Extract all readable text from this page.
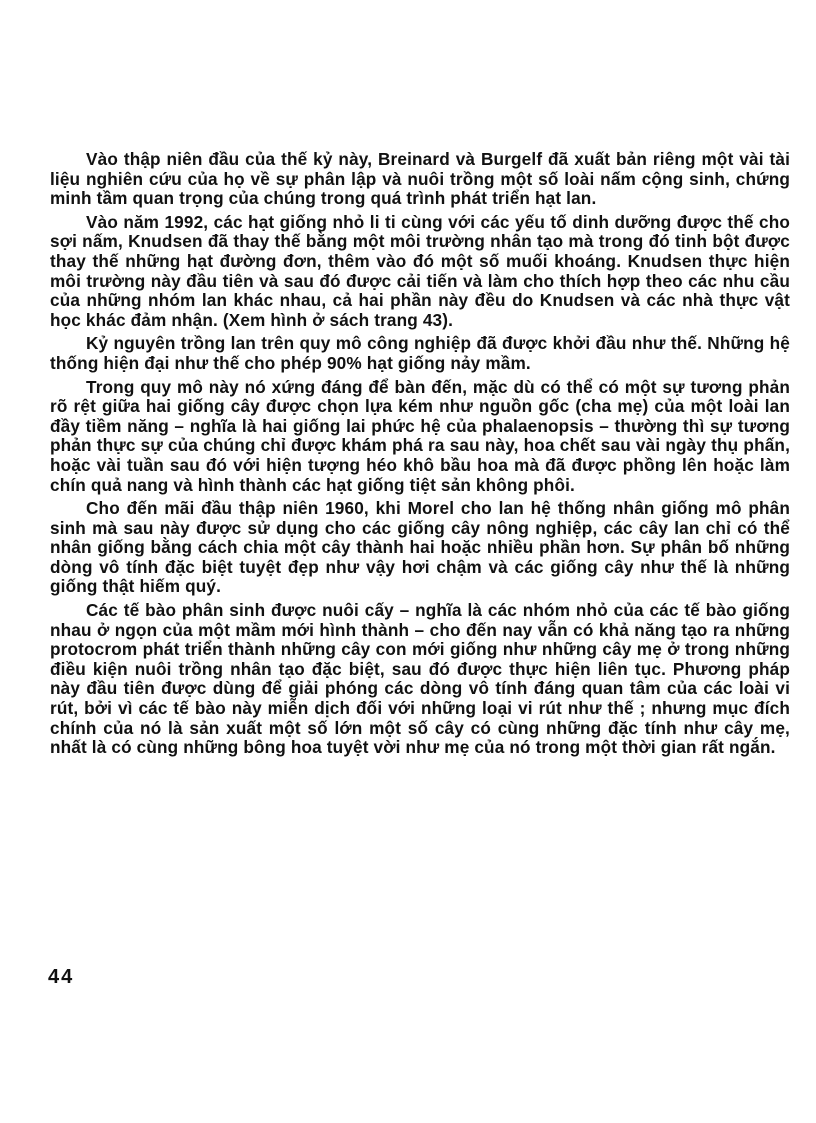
Vào thập niên đầu của thế kỷ này, Breinard và Burgelf đã xuất bản riêng một vài tài liệu nghiên cứu của họ về sự phân lập và nuôi trồng một số loài nấm cộng sinh, chứng minh tầm quan trọng của chúng trong quá trình phát triển hạt lan.

Vào năm 1992, các hạt giống nhỏ li ti cùng với các yếu tố dinh dưỡng được thế cho sợi nấm, Knudsen đã thay thế bằng một môi trường nhân tạo mà trong đó tinh bột được thay thế những hạt đường đơn, thêm vào đó một số muối khoáng. Knudsen thực hiện môi trường này đầu tiên và sau đó được cải tiến và làm cho thích hợp theo các nhu cầu của những nhóm lan khác nhau, cả hai phần này đều do Knudsen và các nhà thực vật học khác đảm nhận. (Xem hình ở sách trang 43).

Kỷ nguyên trồng lan trên quy mô công nghiệp đã được khởi đầu như thế. Những hệ thống hiện đại như thế cho phép 90% hạt giống nảy mầm.

Trong quy mô này nó xứng đáng để bàn đến, mặc dù có thể có một sự tương phản rõ rệt giữa hai giống cây được chọn lựa kém như nguồn gốc (cha mẹ) của một loài lan đầy tiềm năng – nghĩa là hai giống lai phức hệ của phalaenopsis – thường thì sự tương phản thực sự của chúng chỉ được khám phá ra sau này, hoa chết sau vài ngày thụ phấn, hoặc vài tuần sau đó với hiện tượng héo khô bầu hoa mà đã được phồng lên hoặc làm chín quả nang và hình thành các hạt giống tiệt sản không phôi.

Cho đến mãi đầu thập niên 1960, khi Morel cho lan hệ thống nhân giống mô phân sinh mà sau này được sử dụng cho các giống cây nông nghiệp, các cây lan chỉ có thể nhân giống bằng cách chia một cây thành hai hoặc nhiều phần hơn. Sự phân bố những dòng vô tính đặc biệt tuyệt đẹp như vậy hơi chậm và các giống cây như thế là những giống thật hiếm quý.

Các tế bào phân sinh được nuôi cấy – nghĩa là các nhóm nhỏ của các tế bào giống nhau ở ngọn của một mầm mới hình thành – cho đến nay vẫn có khả năng tạo ra những protocrom phát triển thành những cây con mới giống như những cây mẹ ở trong những điều kiện nuôi trồng nhân tạo đặc biệt, sau đó được thực hiện liên tục. Phương pháp này đầu tiên được dùng để giải phóng các dòng vô tính đáng quan tâm của các loài vi rút, bởi vì các tế bào này miễn dịch đối với những loại vi rút như thế ; nhưng mục đích chính của nó là sản xuất một số lớn một số cây có cùng những đặc tính như cây mẹ, nhất là có cùng những bông hoa tuyệt vời như mẹ của nó trong một thời gian rất ngắn.

44
